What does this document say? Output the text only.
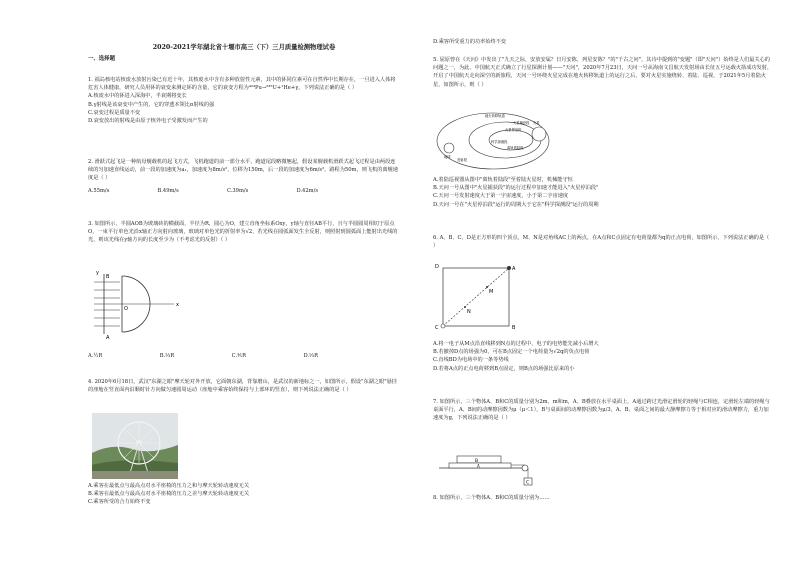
2020-2021学年湖北省十堰市高三（下）三月质量检测物理试卷
一、选择题

1. 福岛核电站核废水放射污染已有近十年，其核废水中含有多种放射性元素，其中的钚同位素可在自然界中长期存在，一旦进入人体将危害人体健康，研究人员用钚的衰变来测定钚的含量，它的衰变方程为⁴²⁴Pu→²³⁵U+¹He+γ，下列说法正确的是（ ）

A.核废水中的钚进入深海中，半衰期将变长

B.γ射线是该衰变中产生的，它的穿透本领比α射线的强

C.衰变过程是质量不变

D.衰变放出的射线是由原子核外电子受激发而产生的

2. 滑跃式起飞是一种航母舰载机的起飞方式，飞机跑道的前一部分水平，跑道尾段略微翘起，假设某舰载机滑跃式起飞过程是由两段连续的匀加速直线运动，前一段的加速度为a₁，加速度为8m/s²，位移为150m，后一段的加速度为6m/s²，路程为50m，则飞机的离舰速度是（ ）

A.55m/s	B.49m/s	C.39m/s	D.42m/s

3. 如图所示，半圆AOB为玻璃砖的横截面，半径为R，圆心为O，建立直角坐标系Oxy，y轴与直径AB平行，且与半圆圆周相切于原点O，一束平行单色光沿x轴正方向射向玻璃，玻璃对单色光的折射率为√2，若光线在圆弧面发生全反射，则照射到圆弧面上能射出光线的光，则该光线在y轴方向的长度至少为（不考虑光的反射）（ ）

B
O
A
x
y
A.½R	B.⅔R	C.⅘R	D.⅓R

4. 2020年6月18日，武汉"东湖之眼"摩天轮对外开放，它面朝东湖，背靠磨山，是武汉的新地标之一，如图所示，假设"东湖之眼"悬挂的座舱在竖直面内沿顺时针方向做匀速圆周运动（座舱中乘客始终保持与上部环的竖直），则下列说法正确的是（ ）

A.乘客在最低点与最高点对水平座椅的压力之和与摩天轮转动速度无关

B.乘客在最低点与最高点对水平座椅的压力之差与摩天轮转动速度无关

C.乘客所受的合力始终不变

D.乘客所受重力的功率始终不变

5. 屈原曾在《天问》中发出了"九天之际，安放安属？日月安陈，列星安陈？"的"千古之问"，其诗中提到的"变题"（即"天问"）始终是人们最关心的问题之一，为此，中国航天正式确立了行星探测计划——"天问"，2020年7月23日，天问一号从海南文昌航天发射场由长征五号运载火箭成功发射，开启了中国航天走向深空的新旅程，天问一号环绕火星完成在地火转移轨道上的运行之后，要对火星实施绕转、着陆、巡视，于2021年5月着陆火星，如图所示，则（ ）

地火转移轨道
火星捕获段
火星停泊段
离轨着陆段
科学探测段
地球
发射段
火星

A.着陆巡视器从图中"离轨着陆段"至着陆火星时，机械能守恒

B.天问一号从图中"火星捕获段"的运行过程中加速才能进入"火星停泊段"

C.天问一号发射速度大于第一宇宙速度，小于第二宇宙速度

D.天问一号在"火星停泊段"运行的周期大于它在"科学探测段"运行的周期

6. A、B、C、D是正方形的四个顶点，M、N是对角线AC上的两点，在A点和C点固定有电荷量都为q的正点电荷，如图所示，下列说法正确的是（ ）

D	A
B
C
M
N

A.将一电子从M点沿直线移到N点的过程中，电子的电势能先减小后增大

B.若撤掉D点的场强为0，可在B点固定一个电荷量为√2q的负点电荷

C.直线BD为电场中的一条等势线

D.若将A点的正点电荷移到B点固定，则B点的场强比原来的小

7. 如图所示，三个物体A、B和C的质量分别为2m、m和m，A、B叠放在水平桌面上，A通过跨过光滑定滑轮的轻绳与C相连，定滑轮左端的轻绳与桌面平行，A、B间的动摩擦因数为μ（μ＜1），B与桌面间的动摩擦因数为μ/3，A、B、桌面之间的最大静摩擦力等于相对应的滑动摩擦力，重力加速度为g，下列说法正确的是（ ）

B
A
C

8. 如图所示，三个物体A、B和C的质量分别为……
